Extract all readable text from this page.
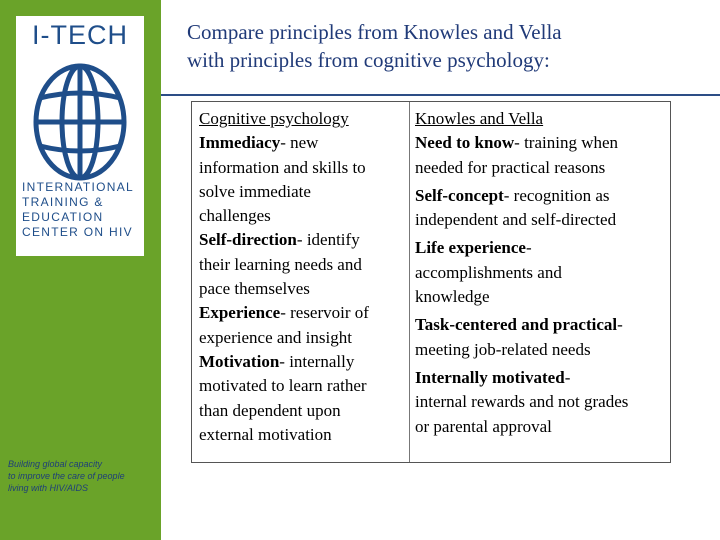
I-TECH
INTERNATIONAL
TRAINING &
EDUCATION
CENTER ON HIV
Building global capacity
to improve the care of people
living with HIV/AIDS
Compare principles from Knowles and Vella
with principles from cognitive psychology:
Cognitive psychology
Immediacy- new
information and skills to
solve immediate
challenges
Self-direction- identify
their learning needs and
pace themselves
Experience- reservoir of
experience and insight
Motivation- internally
motivated to learn rather
than dependent upon
external motivation
Knowles and Vella
Need to know- training when
needed for practical reasons
Self-concept- recognition as
independent and self-directed
Life experience-
accomplishments and
knowledge
Task-centered and practical-
meeting job-related needs
Internally motivated-
internal rewards and not grades
or parental approval
